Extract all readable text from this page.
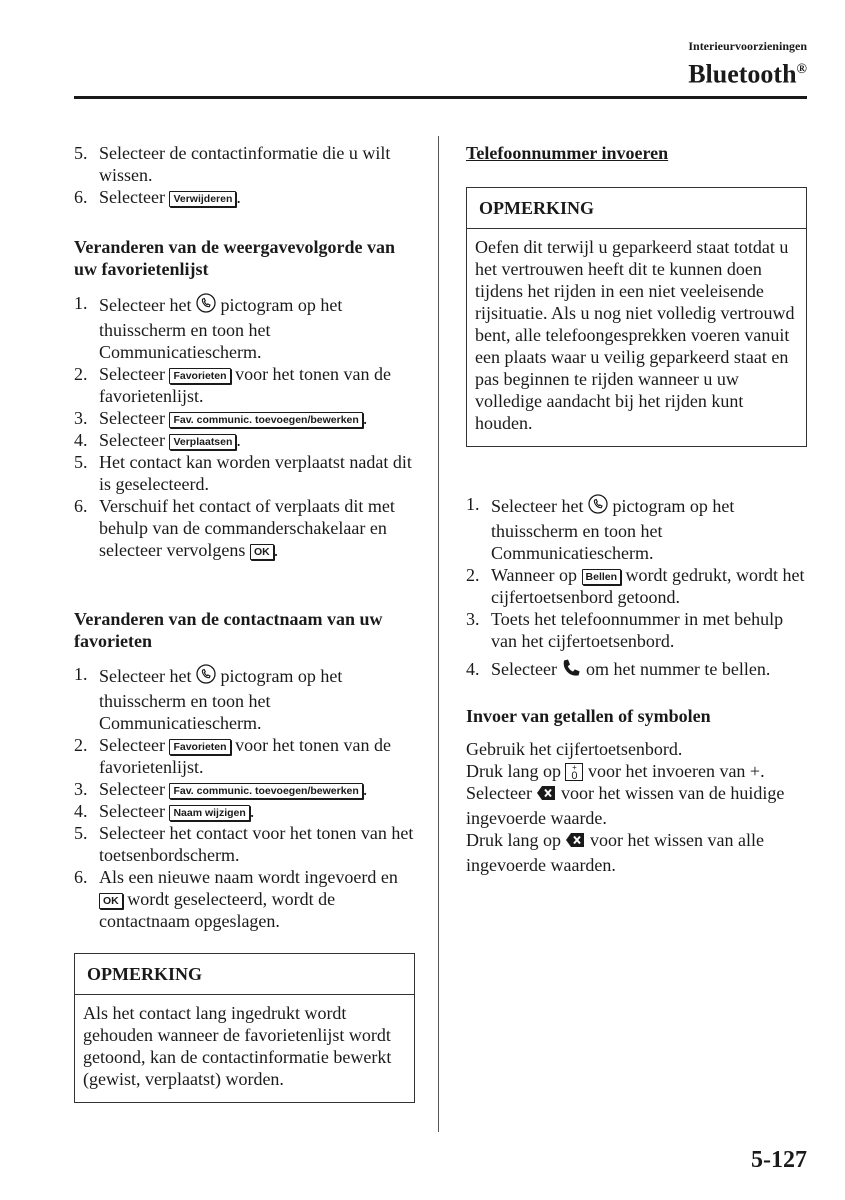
Interieurvoorzieningen
Bluetooth®
5. Selecteer de contactinformatie die u wilt wissen.
6. Selecteer Verwijderen .
Veranderen van de weergavevolgorde van uw favorietenlijst
1. Selecteer het  pictogram op het thuisscherm en toon het Communicatiescherm.
2. Selecteer Favorieten voor het tonen van de favorietenlijst.
3. Selecteer Fav. communic. toevoegen/bewerken .
4. Selecteer Verplaatsen .
5. Het contact kan worden verplaatst nadat dit is geselecteerd.
6. Verschuif het contact of verplaats dit met behulp van de commanderschakelaar en selecteer vervolgens OK .
Veranderen van de contactnaam van uw favorieten
1. Selecteer het  pictogram op het thuisscherm en toon het Communicatiescherm.
2. Selecteer Favorieten voor het tonen van de favorietenlijst.
3. Selecteer Fav. communic. toevoegen/bewerken .
4. Selecteer Naam wijzigen .
5. Selecteer het contact voor het tonen van het toetsenbordscherm.
6. Als een nieuwe naam wordt ingevoerd en OK wordt geselecteerd, wordt de contactnaam opgeslagen.
OPMERKING
Als het contact lang ingedrukt wordt gehouden wanneer de favorietenlijst wordt getoond, kan de contactinformatie bewerkt (gewist, verplaatst) worden.
Telefoonnummer invoeren
OPMERKING
Oefen dit terwijl u geparkeerd staat totdat u het vertrouwen heeft dit te kunnen doen tijdens het rijden in een niet veeleisende rijsituatie. Als u nog niet volledig vertrouwd bent, alle telefoongesprekken voeren vanuit een plaats waar u veilig geparkeerd staat en pas beginnen te rijden wanneer u uw volledige aandacht bij het rijden kunt houden.
1. Selecteer het  pictogram op het thuisscherm en toon het Communicatiescherm.
2. Wanneer op Bellen wordt gedrukt, wordt het cijfertoetsenbord getoond.
3. Toets het telefoonnummer in met behulp van het cijfertoetsenbord.
4. Selecteer  om het nummer te bellen.
Invoer van getallen of symbolen
Gebruik het cijfertoetsenbord.
Druk lang op +
0 voor het invoeren van +.
Selecteer  voor het wissen van de huidige ingevoerde waarde.
Druk lang op  voor het wissen van alle ingevoerde waarden.
5-127
